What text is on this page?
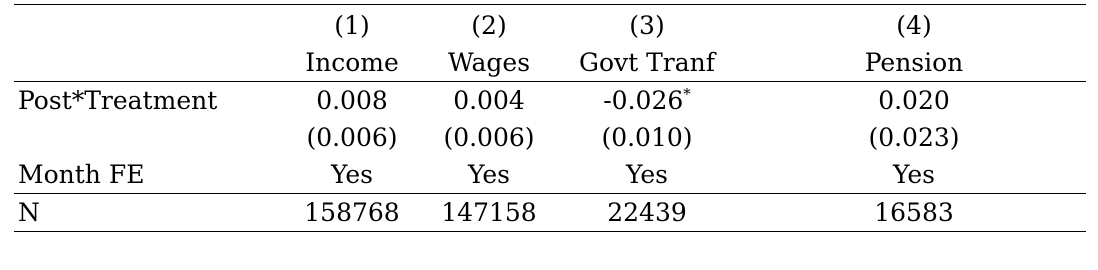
	(1)	(2)	(3)	(4)
	Income	Wages	Govt Tranf	Pension
Post*Treatment	0.008	0.004	-0.026*	0.020
	(0.006)	(0.006)	(0.010)	(0.023)
Month FE	Yes	Yes	Yes	Yes
N	158768	147158	22439	16583
